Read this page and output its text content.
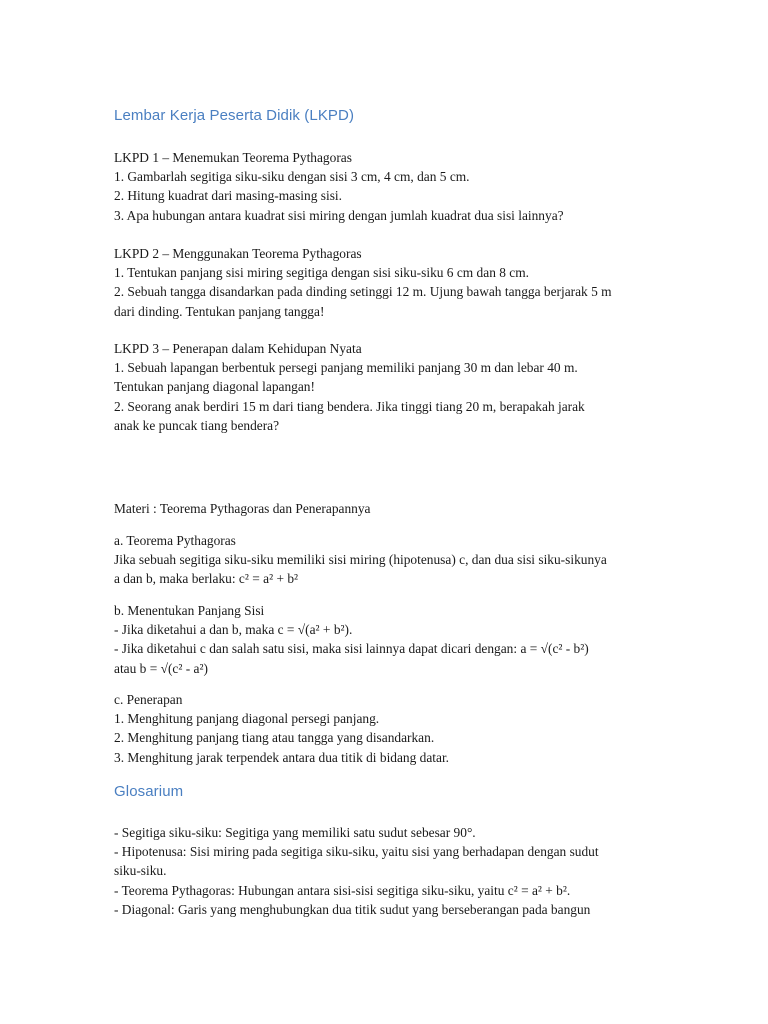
Lembar Kerja Peserta Didik (LKPD)
LKPD 1 – Menemukan Teorema Pythagoras
1. Gambarlah segitiga siku-siku dengan sisi 3 cm, 4 cm, dan 5 cm.
2. Hitung kuadrat dari masing-masing sisi.
3. Apa hubungan antara kuadrat sisi miring dengan jumlah kuadrat dua sisi lainnya?
LKPD 2 – Menggunakan Teorema Pythagoras
1. Tentukan panjang sisi miring segitiga dengan sisi siku-siku 6 cm dan 8 cm.
2. Sebuah tangga disandarkan pada dinding setinggi 12 m. Ujung bawah tangga berjarak 5 m
dari dinding. Tentukan panjang tangga!
LKPD 3 – Penerapan dalam Kehidupan Nyata
1. Sebuah lapangan berbentuk persegi panjang memiliki panjang 30 m dan lebar 40 m.
Tentukan panjang diagonal lapangan!
2. Seorang anak berdiri 15 m dari tiang bendera. Jika tinggi tiang 20 m, berapakah jarak
anak ke puncak tiang bendera?
Materi : Teorema Pythagoras dan Penerapannya
a. Teorema Pythagoras
Jika sebuah segitiga siku-siku memiliki sisi miring (hipotenusa) c, dan dua sisi siku-sikunya
a dan b, maka berlaku: c² = a² + b²
b. Menentukan Panjang Sisi
- Jika diketahui a dan b, maka c = √(a² + b²).
- Jika diketahui c dan salah satu sisi, maka sisi lainnya dapat dicari dengan: a = √(c² - b²)
atau b = √(c² - a²)
c. Penerapan
1. Menghitung panjang diagonal persegi panjang.
2. Menghitung panjang tiang atau tangga yang disandarkan.
3. Menghitung jarak terpendek antara dua titik di bidang datar.
Glosarium
- Segitiga siku-siku: Segitiga yang memiliki satu sudut sebesar 90°.
- Hipotenusa: Sisi miring pada segitiga siku-siku, yaitu sisi yang berhadapan dengan sudut
siku-siku.
- Teorema Pythagoras: Hubungan antara sisi-sisi segitiga siku-siku, yaitu c² = a² + b².
- Diagonal: Garis yang menghubungkan dua titik sudut yang berseberangan pada bangun
